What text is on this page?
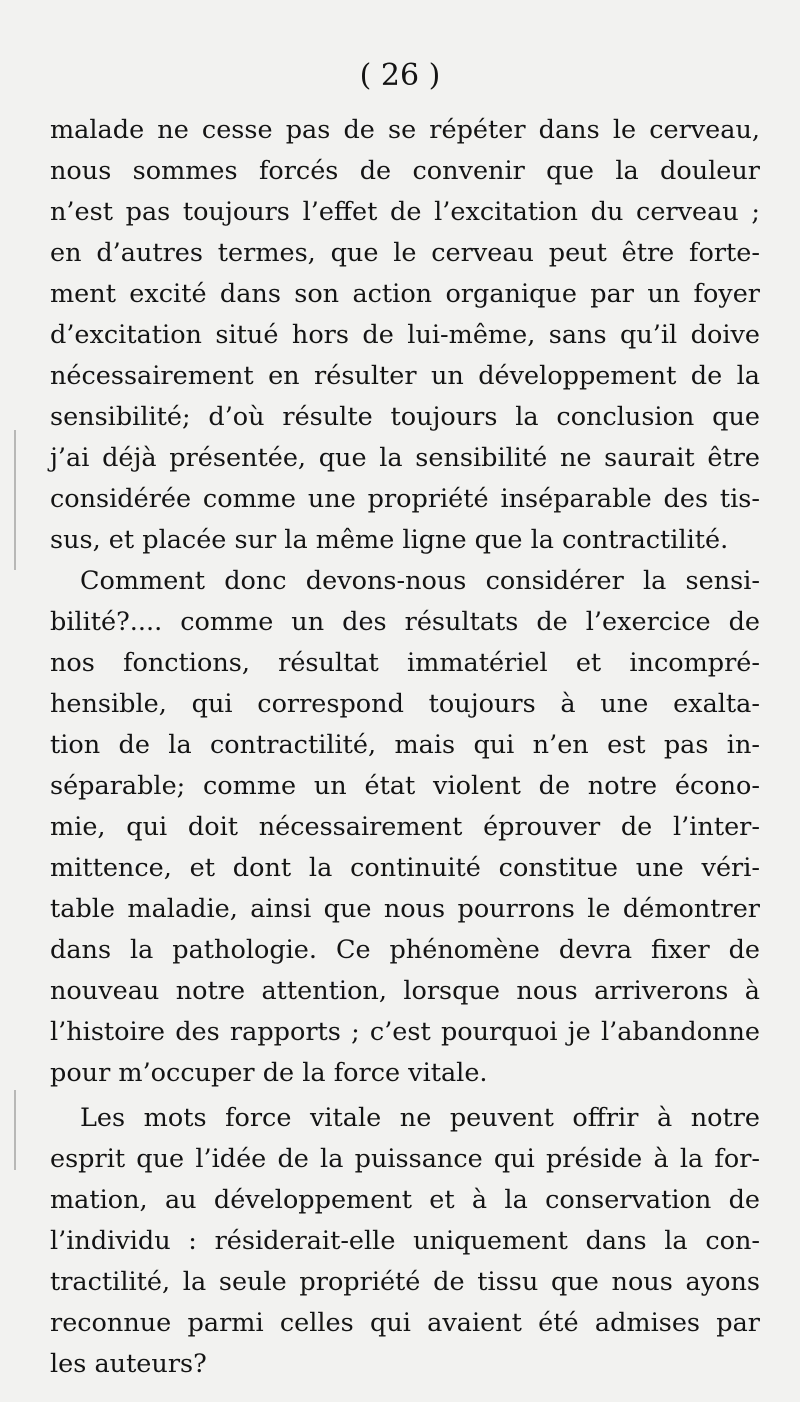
( 26 )
malade ne cesse pas de se répéter dans le cerveau,
nous sommes forcés de convenir que la douleur
n’est pas toujours l’effet de l’excitation du cerveau ;
en d’autres termes, que le cerveau peut être forte-
ment excité dans son action organique par un foyer
d’excitation situé hors de lui-même, sans qu’il doive
nécessairement en résulter un développement de la
sensibilité; d’où résulte toujours la conclusion que
j’ai déjà présentée, que la sensibilité ne saurait être
considérée comme une propriété inséparable des tis-
sus, et placée sur la même ligne que la contractilité.
Comment donc devons-nous considérer la sensi-
bilité?.... comme un des résultats de l’exercice de
nos fonctions, résultat immatériel et incompré-
hensible, qui correspond toujours à une exalta-
tion de la contractilité, mais qui n’en est pas in-
séparable; comme un état violent de notre écono-
mie, qui doit nécessairement éprouver de l’inter-
mittence, et dont la continuité constitue une véri-
table maladie, ainsi que nous pourrons le démontrer
dans la pathologie. Ce phénomène devra fixer de
nouveau notre attention, lorsque nous arriverons à
l’histoire des rapports ; c’est pourquoi je l’abandonne
pour m’occuper de la force vitale.
Les mots force vitale ne peuvent offrir à notre
esprit que l’idée de la puissance qui préside à la for-
mation, au développement et à la conservation de
l’individu : résiderait-elle uniquement dans la con-
tractilité, la seule propriété de tissu que nous ayons
reconnue parmi celles qui avaient été admises par
les auteurs?
